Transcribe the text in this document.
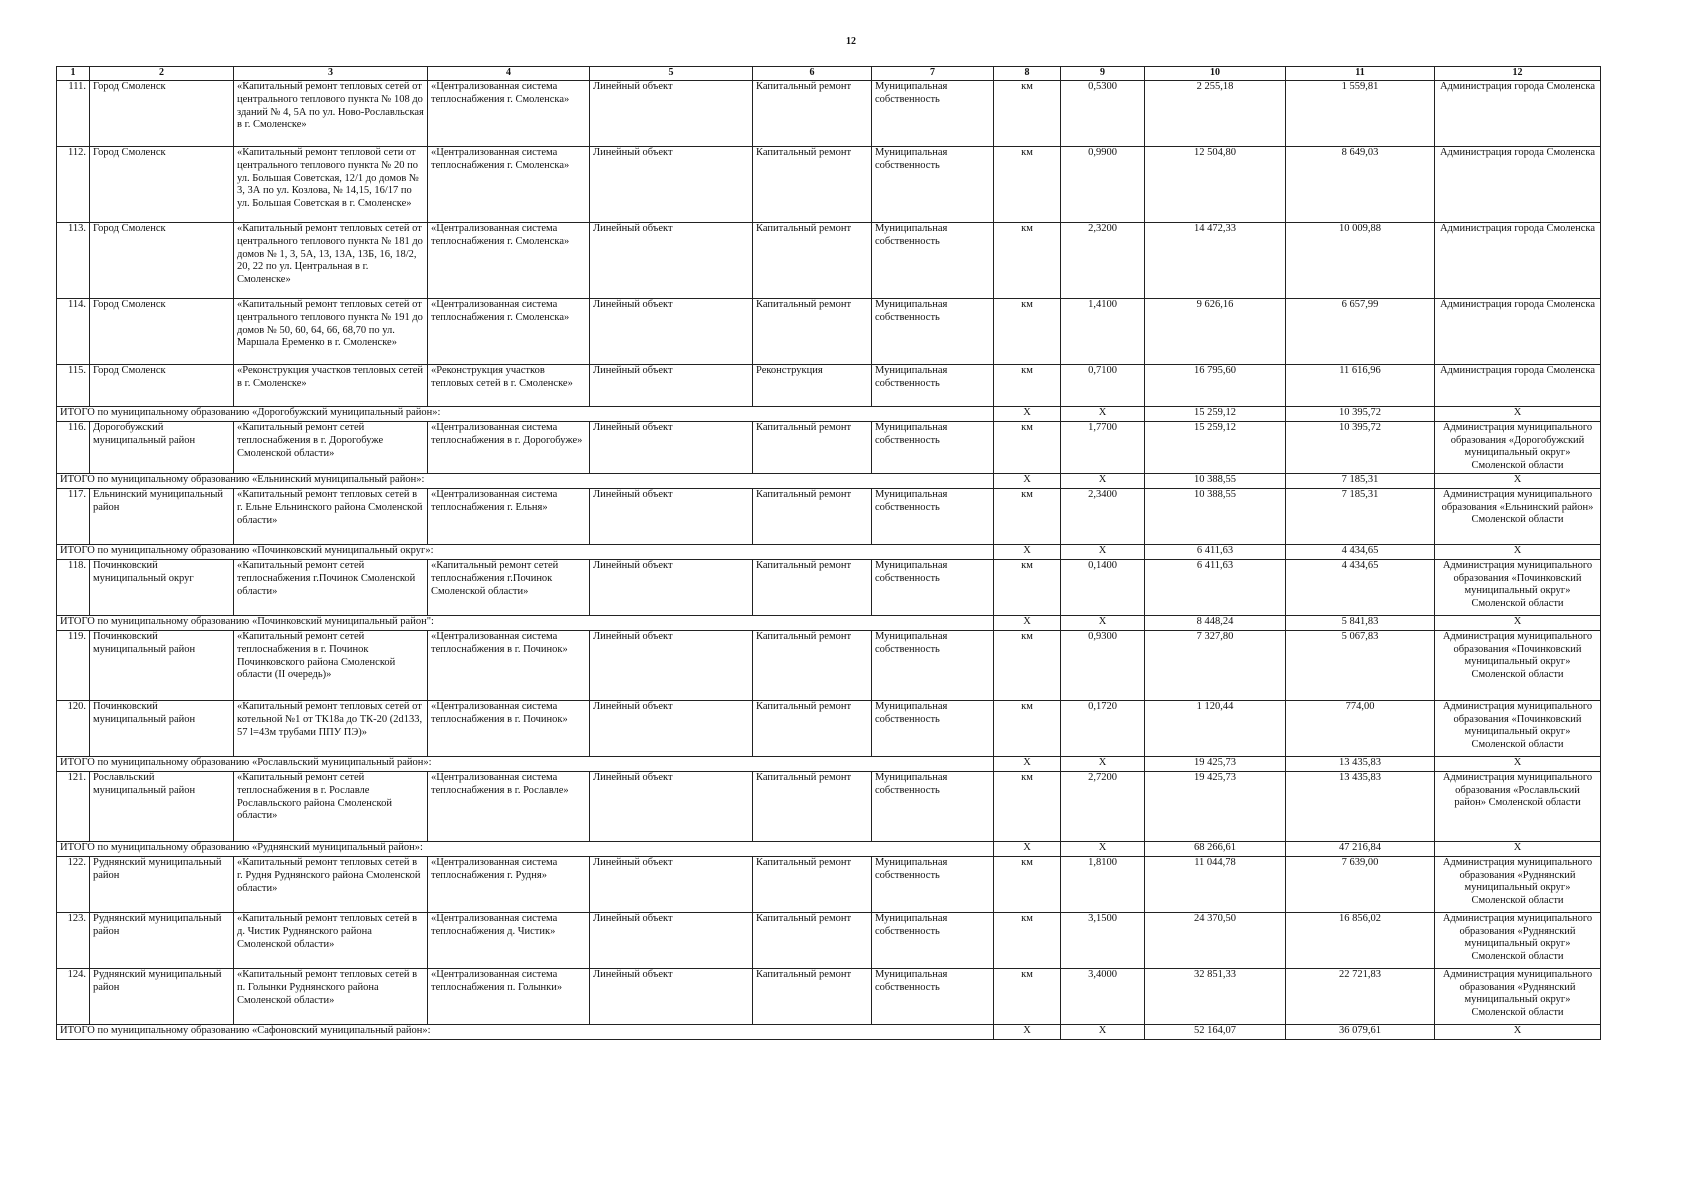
12
1	2	3	4	5	6	7	8	9	10	11	12
111.	Город Смоленск	«Капитальный ремонт тепловых сетей от центрального теплового пункта № 108 до зданий № 4, 5А по ул. Ново-Рославльская в г. Смоленске»	«Централизованная система теплоснабжения г. Смоленска»	Линейный объект	Капитальный ремонт	Муниципальная собственность	км	0,5300	2 255,18	1 559,81	Администрация города Смоленска
112.	Город Смоленск	«Капитальный ремонт тепловой сети от центрального теплового пункта № 20 по ул. Большая Советская, 12/1 до домов № 3, 3А по ул. Козлова, № 14,15, 16/17 по ул. Большая Советская в г. Смоленске»	«Централизованная система теплоснабжения г. Смоленска»	Линейный объект	Капитальный ремонт	Муниципальная собственность	км	0,9900	12 504,80	8 649,03	Администрация города Смоленска
113.	Город Смоленск	«Капитальный ремонт тепловых сетей от центрального теплового пункта № 181 до домов № 1, 3, 5А, 13, 13А, 13Б, 16, 18/2, 20, 22 по ул. Центральная в г. Смоленске»	«Централизованная система теплоснабжения г. Смоленска»	Линейный объект	Капитальный ремонт	Муниципальная собственность	км	2,3200	14 472,33	10 009,88	Администрация города Смоленска
114.	Город Смоленск	«Капитальный ремонт тепловых сетей от центрального теплового пункта № 191 до домов № 50, 60, 64, 66, 68,70 по ул. Маршала Еременко в г. Смоленске»	«Централизованная система теплоснабжения г. Смоленска»	Линейный объект	Капитальный ремонт	Муниципальная собственность	км	1,4100	9 626,16	6 657,99	Администрация города Смоленска
115.	Город Смоленск	«Реконструкция участков тепловых сетей в г. Смоленске»	«Реконструкция участков тепловых сетей в г. Смоленске»	Линейный объект	Реконструкция	Муниципальная собственность	км	0,7100	16 795,60	11 616,96	Администрация города Смоленска
ИТОГО по муниципальному образованию «Дорогобужский муниципальный район»:							X	X	15 259,12	10 395,72	X
116.	Дорогобужский муниципальный район	«Капитальный ремонт сетей теплоснабжения в г. Дорогобуже Смоленской области»	«Централизованная система теплоснабжения в г. Дорогобуже»	Линейный объект	Капитальный ремонт	Муниципальная собственность	км	1,7700	15 259,12	10 395,72	Администрация муниципального образования «Дорогобужский муниципальный округ» Смоленской области
ИТОГО по муниципальному образованию «Ельнинский муниципальный район»:							X	X	10 388,55	7 185,31	X
117.	Ельнинский муниципальный район	«Капитальный ремонт тепловых сетей в г. Ельне Ельнинского района Смоленской области»	«Централизованная система теплоснабжения г. Ельня»	Линейный объект	Капитальный ремонт	Муниципальная собственность	км	2,3400	10 388,55	7 185,31	Администрация муниципального образования «Ельнинский район» Смоленской области
ИТОГО по муниципальному образованию «Починковский муниципальный округ»:							X	X	6 411,63	4 434,65	X
118.	Починковский муниципальный округ	«Капитальный ремонт сетей теплоснабжения г.Починок Смоленской области»	«Капитальный ремонт сетей теплоснабжения г.Починок Смоленской области»	Линейный объект	Капитальный ремонт	Муниципальная собственность	км	0,1400	6 411,63	4 434,65	Администрация муниципального образования «Починковский муниципальный округ» Смоленской области
ИТОГО по муниципальному образованию «Починковский муниципальный район":							X	X	8 448,24	5 841,83	X
119.	Починковский муниципальный район	«Капитальный ремонт сетей теплоснабжения в г. Починок Починковского района Смоленской области (II очередь)»	«Централизованная система теплоснабжения в г. Починок»	Линейный объект	Капитальный ремонт	Муниципальная собственность	км	0,9300	7 327,80	5 067,83	Администрация муниципального образования «Починковский муниципальный округ» Смоленской области
120.	Починковский муниципальный район	«Капитальный ремонт тепловых сетей от котельной №1 от ТК18а до ТК-20 (2d133, 57 l=43м трубами ППУ ПЭ)»	«Централизованная система теплоснабжения в г. Починок»	Линейный объект	Капитальный ремонт	Муниципальная собственность	км	0,1720	1 120,44	774,00	Администрация муниципального образования «Починковский муниципальный округ» Смоленской области
ИТОГО по муниципальному образованию «Рославльский муниципальный район»:							X	X	19 425,73	13 435,83	X
121.	Рославльский муниципальный район	«Капитальный ремонт сетей теплоснабжения в г. Рославле Рославльского района Смоленской области»	«Централизованная система теплоснабжения в г. Рославле»	Линейный объект	Капитальный ремонт	Муниципальная собственность	км	2,7200	19 425,73	13 435,83	Администрация муниципального образования «Рославльский район» Смоленской области
ИТОГО по муниципальному образованию «Руднянский муниципальный район»:							X	X	68 266,61	47 216,84	X
122.	Руднянский муниципальный район	«Капитальный ремонт тепловых сетей в г. Рудня Руднянского района Смоленской области»	«Централизованная система теплоснабжения г. Рудня»	Линейный объект	Капитальный ремонт	Муниципальная собственность	км	1,8100	11 044,78	7 639,00	Администрация муниципального образования «Руднянский муниципальный округ» Смоленской области
123.	Руднянский муниципальный район	«Капитальный ремонт тепловых сетей в д. Чистик Руднянского района Смоленской области»	«Централизованная система теплоснабжения д. Чистик»	Линейный объект	Капитальный ремонт	Муниципальная собственность	км	3,1500	24 370,50	16 856,02	Администрация муниципального образования «Руднянский муниципальный округ» Смоленской области
124.	Руднянский муниципальный район	«Капитальный ремонт тепловых сетей в п. Голынки Руднянского района Смоленской области»	«Централизованная система теплоснабжения п. Голынки»	Линейный объект	Капитальный ремонт	Муниципальная собственность	км	3,4000	32 851,33	22 721,83	Администрация муниципального образования «Руднянский муниципальный округ» Смоленской области
ИТОГО по муниципальному образованию «Сафоновский муниципальный район»:							X	X	52 164,07	36 079,61	X
